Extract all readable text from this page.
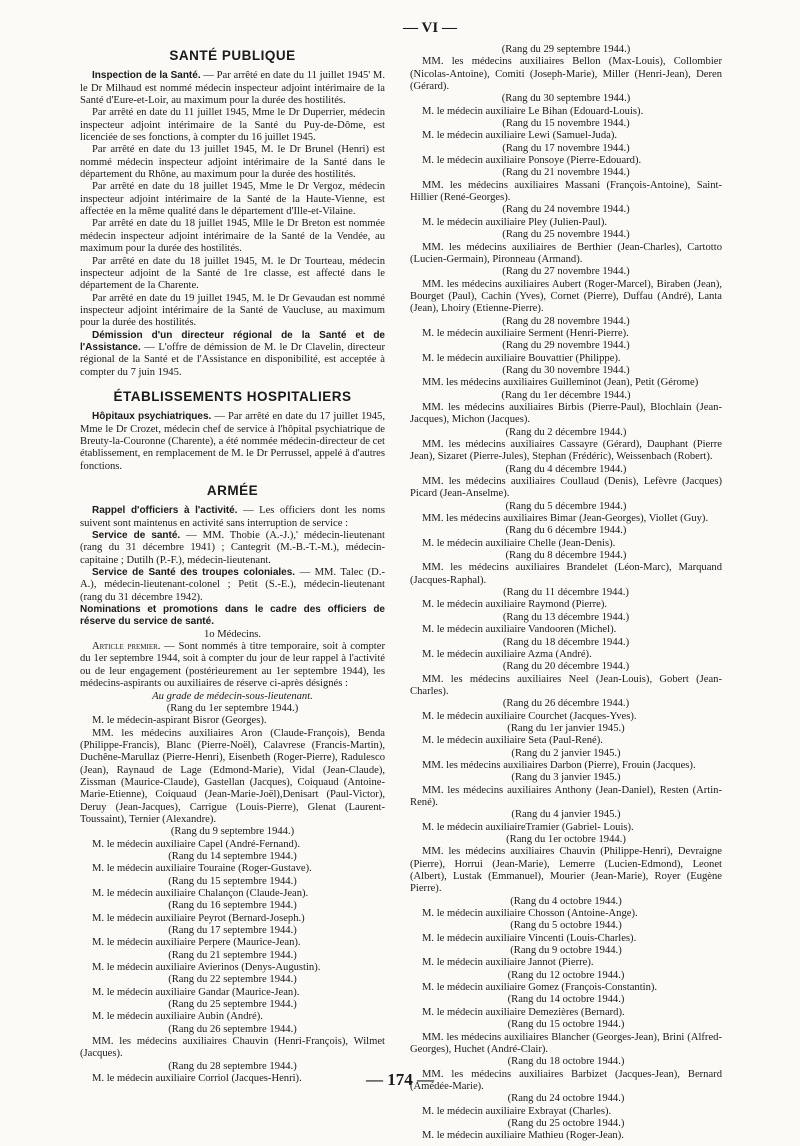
— VI —
SANTÉ PUBLIQUE

Inspection de la Santé. — Par arrêté en date du 11 juillet 1945' M. le Dr Milhaud est nommé médecin inspecteur adjoint intérimaire de la Santé d'Eure-et-Loir, au maximum pour la durée des hostilités.

Par arrêté en date du 11 juillet 1945, Mme le Dr Duperrier, médecin inspecteur adjoint intérimaire de la Santé du Puy-de-Dôme, est licenciée de ses fonctions, à compter du 16 juillet 1945.

Par arrêté en date du 13 juillet 1945, M. le Dr Brunel (Henri) est nommé médecin inspecteur adjoint intérimaire de la Santé dans le département du Rhône, au maximum pour la durée des hostilités.

Par arrêté en date du 18 juillet 1945, Mme le Dr Vergoz, médecin inspecteur adjoint intérimaire de la Santé de la Haute-Vienne, est affectée en la même qualité dans le département d'Ille-et-Vilaine.

Par arrêté en date du 18 juillet 1945, Mlle le Dr Breton est nommée médecin inspecteur adjoint intérimaire de la Santé de la Vendée, au maximum pour la durée des hostilités.

Par arrêté en date du 18 juillet 1945, M. le Dr Tourteau, médecin inspecteur adjoint de la Santé de 1re classe, est affecté dans le département de la Charente.

Par arrêté en date du 19 juillet 1945, M. le Dr Gevaudan est nommé inspecteur adjoint intérimaire de la Santé de Vaucluse, au maximum pour la durée des hostilités.

Démission d'un directeur régional de la Santé et de l'Assistance. — L'offre de démission de M. le Dr Clavelin, directeur régional de la Santé et de l'Assistance en disponibilité, est acceptée à compter du 7 juin 1945.

ÉTABLISSEMENTS HOSPITALIERS

Hôpitaux psychiatriques. — Par arrêté en date du 17 juillet 1945, Mme le Dr Crozet, médecin chef de service à l'hôpital psychiatrique de Breuty-la-Couronne (Charente), a été nommée médecin-directeur de cet établissement, en remplacement de M. le Dr Perrussel, appelé à d'autres fonctions.

ARMÉE

Rappel d'officiers à l'activité. — Les officiers dont les noms suivent sont maintenus en activité sans interruption de service :

Service de santé. — MM. Thobie (A.-J.),' médecin-lieutenant (rang du 31 décembre 1941) ; Cantegrit (M.-B.-T.-M.), médecin-capitaine ; Dutilh (P.-F.), médecin-lieutenant.

Service de Santé des troupes coloniales. — MM. Talec (D.-A.), médecin-lieutenant-colonel ; Petit (S.-E.), médecin-lieutenant (rang du 31 décembre 1942).

Nominations et promotions dans le cadre des officiers de réserve du service de santé.

1o Médecins.

Article premier. — Sont nommés à titre temporaire, soit à compter du 1er septembre 1944, soit à compter du jour de leur rappel à l'activité ou de leur engagement (postérieurement au 1er septembre 1944), les médecins-aspirants ou auxiliaires de réserve ci-après désignés :

Au grade de médecin-sous-lieutenant.

(Rang du 1er septembre 1944.)

M. le médecin-aspirant Bisror (Georges).

MM. les médecins auxiliaires Aron (Claude-François), Benda (Philippe-Francis), Blanc (Pierre-Noël), Calavrese (Francis-Martin), Duchêne-Marullaz (Pierre-Henri), Eisenbeth (Roger-Pierre), Radulesco (Jean), Raynaud de Lage (Edmond-Marie), Vidal (Jean-Claude), Zissman (Maurice-Claude), Gastellan (Jacques), Coiquaud (Antoine-Marie-Etienne), Coiquaud (Jean-Marie-Joël),Denisart (Paul-Victor), Deruy (Jean-Jacques), Carrigue (Louis-Pierre), Glenat (Laurent-Toussaint), Ternier (Alexandre).

(Rang du 9 septembre 1944.)

M. le médecin auxiliaire Capel (André-Fernand).

(Rang du 14 septembre 1944.)

M. le médecin auxiliaire Touraine (Roger-Gustave).

(Rang du 15 septembre 1944.)

M. le médecin auxiliaire Chalançon (Claude-Jean).

(Rang du 16 septembre 1944.)

M. le médecin auxiliaire Peyrot (Bernard-Joseph.)

(Rang du 17 septembre 1944.)

M. le médecin auxiliaire Perpere (Maurice-Jean).

(Rang du 21 septembre 1944.)

M. le médecin auxiliaire Avierinos (Denys-Augustin).

(Rang du 22 septembre 1944.)

M. le médecin auxiliaire Gandar (Maurice-Jean).

(Rang du 25 septembre 1944.)

M. le médecin auxiliaire Aubin (André).

(Rang du 26 septembre 1944.)

MM. les médecins auxiliaires Chauvin (Henri-François), Wilmet (Jacques).

(Rang du 28 septembre 1944.)

M. le médecin auxiliaire Corriol (Jacques-Henri).

(Rang du 29 septembre 1944.)

MM. les médecins auxiliaires Bellon (Max-Louis), Collombier (Nicolas-Antoine), Comiti (Joseph-Marie), Miller (Henri-Jean), Deren (Gérard).

(Rang du 30 septembre 1944.)

M. le médecin auxiliaire Le Bihan (Edouard-Louis).

(Rang du 15 novembre 1944.)

M. le médecin auxiliaire Lewi (Samuel-Juda).

(Rang du 17 novembre 1944.)

M. le médecin auxiliaire Ponsoye (Pierre-Edouard).

(Rang du 21 novembre 1944.)

MM. les médecins auxiliaires Massani (François-Antoine), Saint-Hillier (René-Georges).

(Rang du 24 novembre 1944.)

M. le médecin auxiliaire Pley (Julien-Paul).

(Rang du 25 novembre 1944.)

MM. les médecins auxiliaires de Berthier (Jean-Charles), Cartotto (Lucien-Germain), Pironneau (Armand).

(Rang du 27 novembre 1944.)

MM. les médecins auxiliaires Aubert (Roger-Marcel), Biraben (Jean), Bourget (Paul), Cachin (Yves), Cornet (Pierre), Duffau (André), Lanta (Jean), Lhoiry (Etienne-Pierre).

(Rang du 28 novembre 1944.)

M. le médecin auxiliaire Serment (Henri-Pierre).

(Rang du 29 novembre 1944.)

M. le médecin auxiliaire Bouvattier (Philippe).

(Rang du 30 novembre 1944.)

MM. les médecins auxiliaires Guilleminot (Jean), Petit (Gérome)

(Rang du 1er décembre 1944.)

MM. les médecins auxiliaires Birbis (Pierre-Paul), Blochlain (Jean-Jacques), Michon (Jacques).

(Rang du 2 décembre 1944.)

MM. les médecins auxiliaires Cassayre (Gérard), Dauphant (Pierre Jean), Sizaret (Pierre-Jules), Stephan (Frédéric), Weissenbach (Robert).

(Rang du 4 décembre 1944.)

MM. les médecins auxiliaires Coullaud (Denis), Lefèvre (Jacques) Picard (Jean-Anselme).

(Rang du 5 décembre 1944.)

MM. les médecins auxiliaires Bimar (Jean-Georges), Viollet (Guy).

(Rang du 6 décembre 1944.)

M. le médecin auxiliaire Chelle (Jean-Denis).

(Rang du 8 décembre 1944.)

MM. les médecins auxiliaires Brandelet (Léon-Marc), Marquand (Jacques-Raphal).

(Rang du 11 décembre 1944.)

M. le médecin auxiliaire Raymond (Pierre).

(Rang du 13 décembre 1944.)

M. le médecin auxiliaire Vandooren (Michel).

(Rang du 18 décembre 1944.)

M. le médecin auxiliaire Azma (André).

(Rang du 20 décembre 1944.)

MM. les médecins auxiliaires Neel (Jean-Louis), Gobert (Jean-Charles).

(Rang du 26 décembre 1944.)

M. le médecin auxiliaire Courchet (Jacques-Yves).

(Rang du 1er janvier 1945.)

M. le médecin auxiliaire Seta (Paul-René).

(Rang du 2 janvier 1945.)

MM. les médecins auxiliaires Darbon (Pierre), Frouin (Jacques).

(Rang du 3 janvier 1945.)

MM. les médecins auxiliaires Anthony (Jean-Daniel), Resten (Artin-René).

(Rang du 4 janvier 1945.)

M. le médecin auxiliaireTramier (Gabriel- Louis).

(Rang du 1er octobre 1944.)

MM. les médecins auxiliaires Chauvin (Philippe-Henri), Devraigne (Pierre), Horrui (Jean-Marie), Lemerre (Lucien-Edmond), Leonet (Albert), Lustak (Emmanuel), Mourier (Jean-Marie), Royer (Eugène Pierre).

(Rang du 4 octobre 1944.)

M. le médecin auxiliaire Chosson (Antoine-Ange).

(Rang du 5 octobre 1944.)

M. le médecin auxiliaire Vincenti (Louis-Charles).

(Rang du 9 octobre 1944.)

M. le médecin auxiliaire Jannot (Pierre).

(Rang du 12 octobre 1944.)

M. le médecin auxiliaire Gomez (François-Constantin).

(Rang du 14 octobre 1944.)

M. le médecin auxiliaire Demezières (Bernard).

(Rang du 15 octobre 1944.)

MM. les médecins auxiliaires Blancher (Georges-Jean), Brini (Alfred-Georges), Huchet (André-Clair).

(Rang du 18 octobre 1944.)

MM. les médecins auxiliaires Barbizet (Jacques-Jean), Bernard (Amédée-Marie).

(Rang du 24 octobre 1944.)

M. le médecin auxiliaire Exbrayat (Charles).

(Rang du 25 octobre 1944.)

M. le médecin auxiliaire Mathieu (Roger-Jean).

— 174 —
